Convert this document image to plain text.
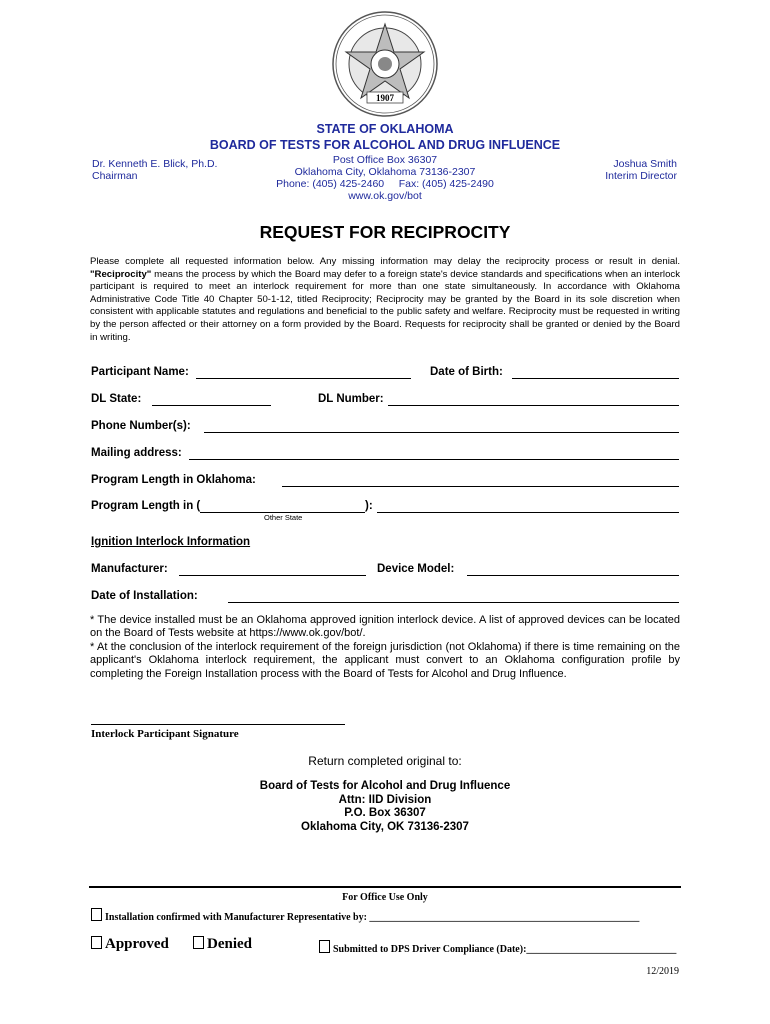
1907
STATE OF OKLAHOMA
BOARD OF TESTS FOR ALCOHOL AND DRUG INFLUENCE
Post Office Box 36307
Oklahoma City, Oklahoma 73136-2307
Phone: (405) 425-2460     Fax: (405) 425-2490
www.ok.gov/bot
Dr. Kenneth E. Blick, Ph.D.
Chairman
Joshua Smith
Interim Director
REQUEST FOR RECIPROCITY
Please complete all requested information below. Any missing information may delay the reciprocity process or result in denial. "Reciprocity" means the process by which the Board may defer to a foreign state's device standards and specifications when an interlock participant is required to meet an interlock requirement for more than one state simultaneously. In accordance with Oklahoma Administrative Code Title 40 Chapter 50-1-12, titled Reciprocity; Reciprocity may be granted by the Board in its sole discretion when consistent with applicable statutes and regulations and beneficial to the public safety and welfare. Reciprocity must be requested in writing by the person affected or their attorney on a form provided by the Board. Requests for reciprocity shall be granted or denied by the Board in writing.
Participant Name:	Date of Birth:
DL State:	DL Number:
Phone Number(s):
Mailing address:
Program Length in Oklahoma:
Program Length in (	):
Other State
Ignition Interlock Information
Manufacturer:	Device Model:
Date of Installation:
* The device installed must be an Oklahoma approved ignition interlock device. A list of approved devices can be located on the Board of Tests website at https://www.ok.gov/bot/.
* At the conclusion of the interlock requirement of the foreign jurisdiction (not Oklahoma) if there is time remaining on the applicant's Oklahoma interlock requirement, the applicant must convert to an Oklahoma configuration profile by completing the Foreign Installation process with the Board of Tests for Alcohol and Drug Influence.
Interlock Participant Signature
Return completed original to:
Board of Tests for Alcohol and Drug Influence
Attn: IID Division
P.O. Box 36307
Oklahoma City, OK 73136-2307
For Office Use Only
Installation confirmed with Manufacturer Representative by: ______________________________________________________
Approved	Denied	Submitted to DPS Driver Compliance (Date):______________________________
12/2019
